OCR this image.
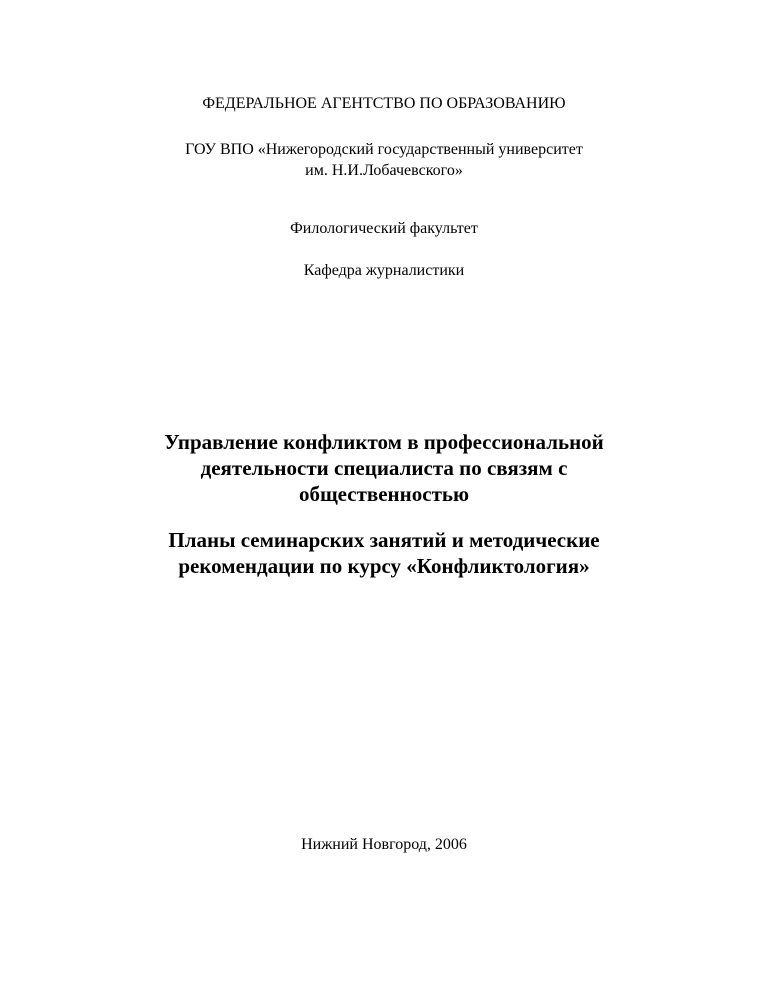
ФЕДЕРАЛЬНОЕ АГЕНТСТВО ПО ОБРАЗОВАНИЮ
ГОУ ВПО «Нижегородский государственный университет
им. Н.И.Лобачевского»
Филологический факультет
Кафедра журналистики
Управление конфликтом в профессиональной
деятельности специалиста по связям с
общественностью
Планы семинарских занятий и методические
рекомендации по курсу «Конфликтология»
Нижний Новгород, 2006
